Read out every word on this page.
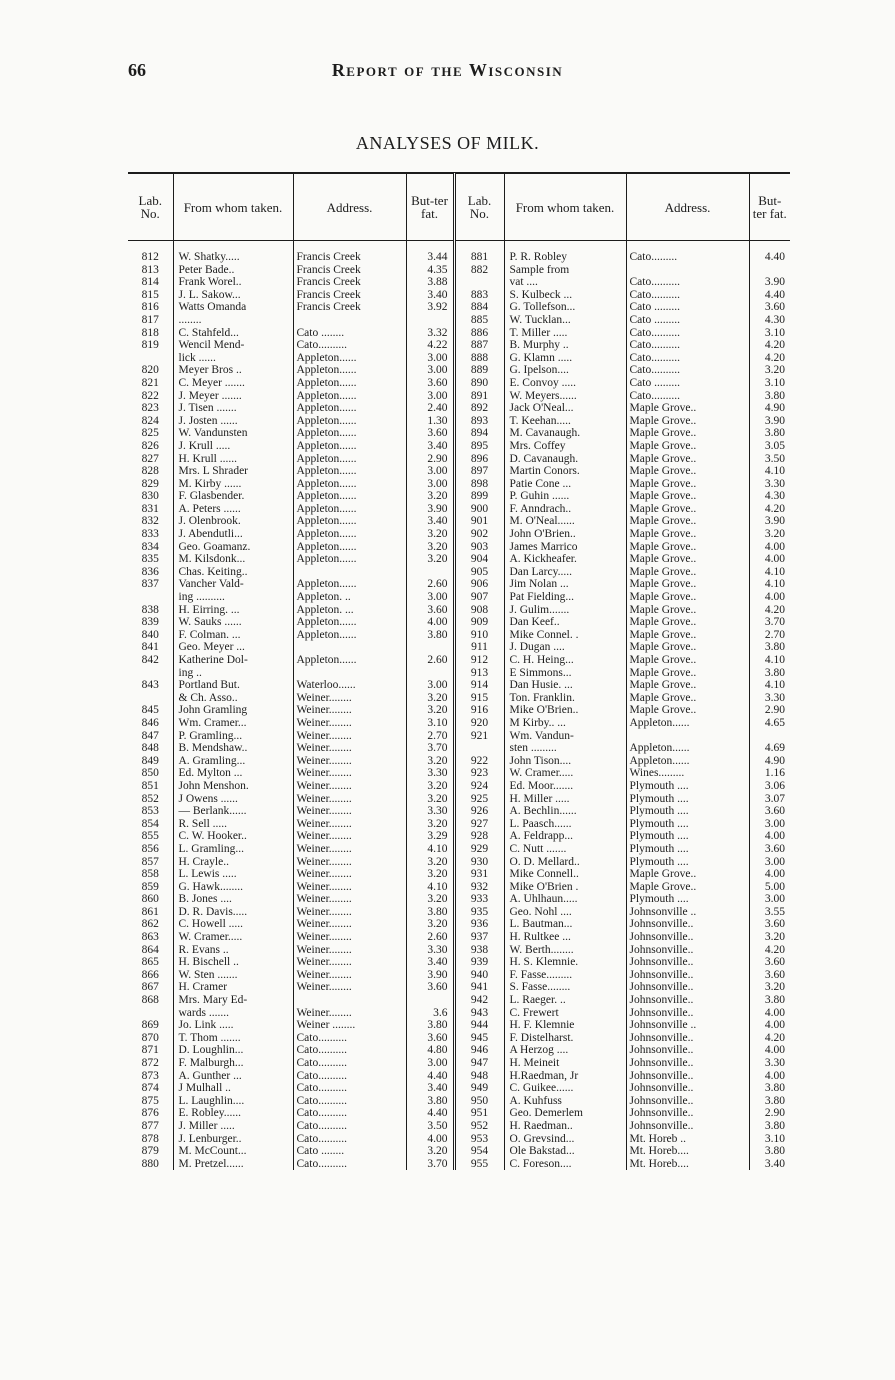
66	Report of the Wisconsin
ANALYSES OF MILK.

Lab. No.	From whom taken.	Address.	But-ter fat.	Lab. No.	From whom taken.	Address.	But-ter fat.

812	W. Shatky.....	Francis Creek	3.44	881	P. R. Robley	Cato.........	4.40
813	Peter Bade..	Francis Creek	4.35	882	Sample from		
814	Frank Worel..	Francis Creek	3.88		vat ....	Cato..........	3.90
815	J. L. Sakow...	Francis Creek	3.40	883	S. Kulbeck ...	Cato..........	4.40
816	Watts Omanda	Francis Creek	3.92	884	G. Tollefson...	Cato .........	3.60
817	........			885	W. Tucklan...	Cato .........	4.30
818	C. Stahfeld...	Cato ........	3.32	886	T. Miller .....	Cato..........	3.10
819	Wencil Mend-	Cato..........	4.22	887	B. Murphy ..	Cato..........	4.20
	lick ......	Appleton......	3.00	888	G. Klamn .....	Cato..........	4.20
820	Meyer Bros ..	Appleton......	3.00	889	G. Ipelson....	Cato..........	3.20
821	C. Meyer .......	Appleton......	3.60	890	E. Convoy .....	Cato .........	3.10
822	J. Meyer .......	Appleton......	3.00	891	W. Meyers......	Cato..........	3.80
823	J. Tisen .......	Appleton......	2.40	892	Jack O'Neal...	Maple Grove..	4.90
824	J. Josten ......	Appleton......	1.30	893	T. Keehan.....	Maple Grove..	3.90
825	W. Vandunsten	Appleton......	3.60	894	M. Cavanaugh.	Maple Grove..	3.80
826	J. Krull .....	Appleton......	3.40	895	Mrs. Coffey	Maple Grove..	3.05
827	H. Krull ......	Appleton......	2.90	896	D. Cavanaugh.	Maple Grove..	3.50
828	Mrs. L Shrader	Appleton......	3.00	897	Martin Conors.	Maple Grove..	4.10
829	M. Kirby ......	Appleton......	3.00	898	Patie Cone ...	Maple Grove..	3.30
830	F. Glasbender.	Appleton......	3.20	899	P. Guhin ......	Maple Grove..	4.30
831	A. Peters ......	Appleton......	3.90	900	F. Anndrach..	Maple Grove..	4.20
832	J. Olenbrook.	Appleton......	3.40	901	M. O'Neal......	Maple Grove..	3.90
833	J. Abendutli...	Appleton......	3.20	902	John O'Brien..	Maple Grove..	3.20
834	Geo. Goamanz.	Appleton......	3.20	903	James Marrico	Maple Grove..	4.00
835	M. Kilsdonk...	Appleton......	3.20	904	A. Kickheafer.	Maple Grove..	4.00
836	Chas. Keiting..			905	Dan Larcy.....	Maple Grove..	4.10
837	Vancher Vald-	Appleton......	2.60	906	Jim Nolan ...	Maple Grove..	4.10
	ing ..........	Appleton. ..	3.00	907	Pat Fielding...	Maple Grove..	4.00
838	H. Eirring. ...	Appleton. ...	3.60	908	J. Gulim.......	Maple Grove..	4.20
839	W. Sauks ......	Appleton......	4.00	909	Dan Keef..	Maple Grove..	3.70
840	F. Colman. ...	Appleton......	3.80	910	Mike Connel. .	Maple Grove..	2.70
841	Geo. Meyer ...			911	J. Dugan ....	Maple Grove..	3.80
842	Katherine Dol-	Appleton......	2.60	912	C. H. Heing...	Maple Grove..	4.10
	ing ..			913	E Simmons...	Maple Grove..	3.80
843	Portland But.	Waterloo......	3.00	914	Dan Husie. ...	Maple Grove..	4.10
	& Ch. Asso..	Weiner........	3.20	915	Ton. Franklin.	Maple Grove..	3.30
845	John Gramling	Weiner........	3.20	916	Mike O'Brien..	Maple Grove..	2.90
846	Wm. Cramer...	Weiner........	3.10	920	M Kirby.. ...	Appleton......	4.65
847	P. Gramling...	Weiner........	2.70	921	Wm. Vandun-		
848	B. Mendshaw..	Weiner........	3.70		sten .........	Appleton......	4.69
849	A. Gramling...	Weiner........	3.20	922	John Tison....	Appleton......	4.90
850	Ed. Mylton ...	Weiner........	3.30	923	W. Cramer.....	Wines.........	1.16
851	John Menshon.	Weiner........	3.20	924	Ed. Moor.......	Plymouth ....	3.06
852	J Owens ......	Weiner........	3.20	925	H. Miller .....	Plymouth ....	3.07
853	— Berlank......	Weiner........	3.30	926	A. Bechlin......	Plymouth ....	3.60
854	R. Sell .....	Weiner........	3.20	927	L. Paasch......	Plymouth ....	3.00
855	C. W. Hooker..	Weiner........	3.29	928	A. Feldrapp...	Plymouth ....	4.00
856	L. Gramling...	Weiner........	4.10	929	C. Nutt .......	Plymouth ....	3.60
857	H. Crayle..	Weiner........	3.20	930	O. D. Mellard..	Plymouth ....	3.00
858	L. Lewis .....	Weiner........	3.20	931	Mike Connell..	Maple Grove..	4.00
859	G. Hawk........	Weiner........	4.10	932	Mike O'Brien .	Maple Grove..	5.00
860	B. Jones ....	Weiner........	3.20	933	A. Uhlhaun.....	Plymouth ....	3.00
861	D. R. Davis.....	Weiner........	3.80	935	Geo. Nohl ....	Johnsonville ..	3.55
862	C. Howell .....	Weiner........	3.20	936	L. Bautman...	Johnsonville..	3.60
863	W. Cramer.....	Weiner........	2.60	937	H. Rultkee ...	Johnsonville..	3.20
864	R. Evans ..	Weiner........	3.30	938	W. Berth........	Johnsonville..	4.20
865	H. Bischell ..	Weiner........	3.40	939	H. S. Klemnie.	Johnsonville..	3.60
866	W. Sten .......	Weiner........	3.90	940	F. Fasse.........	Johnsonville..	3.60
867	H. Cramer	Weiner........	3.60	941	S. Fasse........	Johnsonville..	3.20
868	Mrs. Mary Ed-			942	L. Raeger. ..	Johnsonville..	3.80
	wards .......	Weiner........	3.6	943	C. Frewert	Johnsonville..	4.00
869	Jo. Link .....	Weiner ........	3.80	944	H. F. Klemnie	Johnsonville ..	4.00
870	T. Thom .......	Cato..........	3.60	945	F. Distelharst.	Johnsonville..	4.20
871	D. Loughlin...	Cato..........	4.80	946	A Herzog ....	Johnsonville..	4.00
872	F. Malburgh...	Cato..........	3.00	947	H. Meineit	Johnsonville..	3.30
873	A. Gunther ...	Cato..........	4.40	948	H.Raedman, Jr	Johnsonville..	4.00
874	J Mulhall ..	Cato..........	3.40	949	C. Guikee......	Johnsonville..	3.80
875	L. Laughlin....	Cato..........	3.80	950	A. Kuhfuss	Johnsonville..	3.80
876	E. Robley......	Cato..........	4.40	951	Geo. Demerlem	Johnsonville..	2.90
877	J. Miller .....	Cato..........	3.50	952	H. Raedman..	Johnsonville..	3.80
878	J. Lenburger..	Cato..........	4.00	953	O. Grevsind...	Mt. Horeb ..	3.10
879	M. McCount...	Cato ........	3.20	954	Ole Bakstad...	Mt. Horeb....	3.80
880	M. Pretzel......	Cato..........	3.70	955	C. Foreson....	Mt. Horeb....	3.40
